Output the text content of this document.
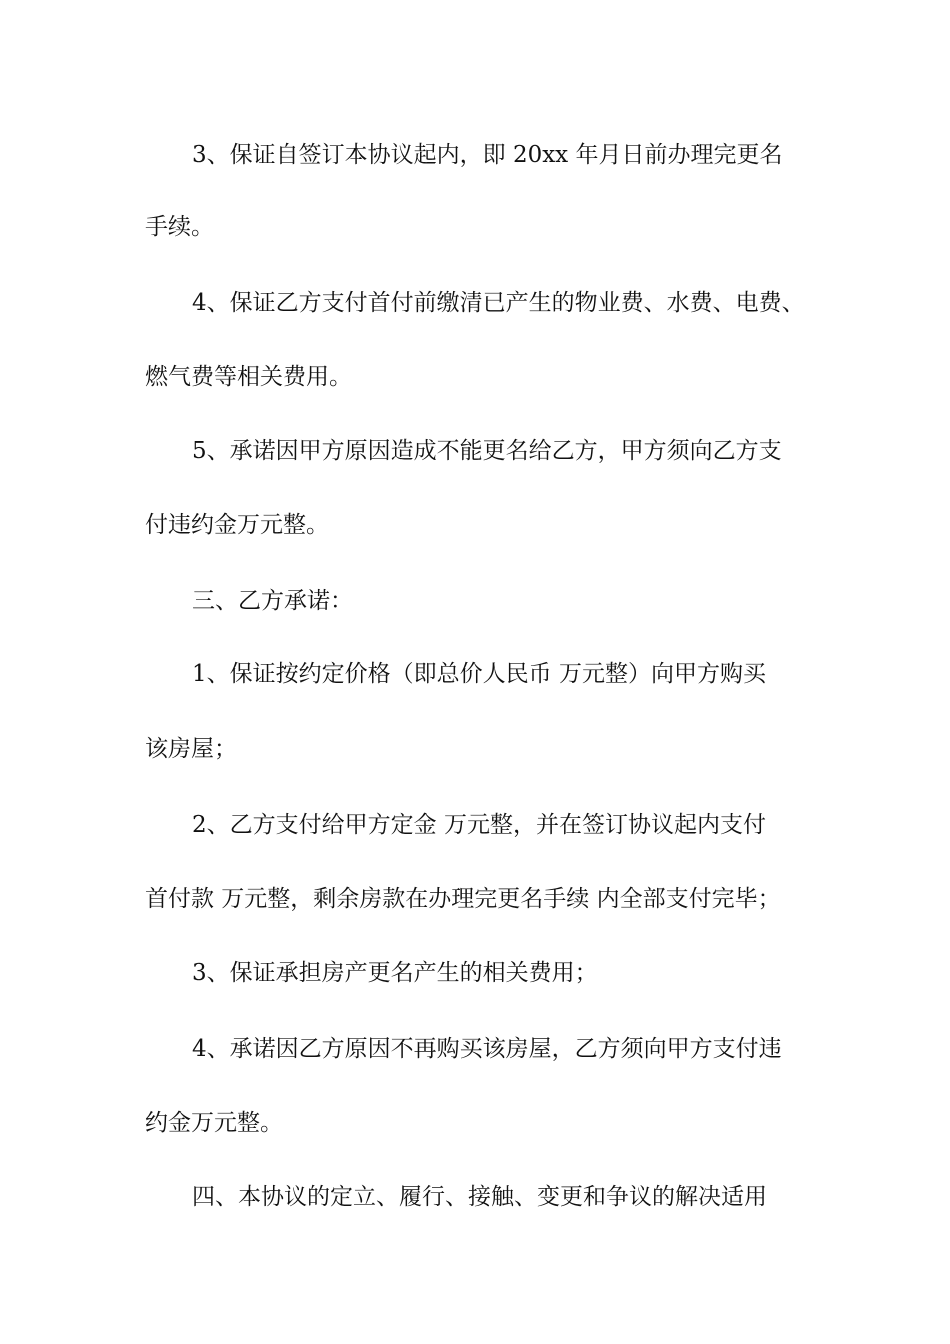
3、保证自签订本协议起内，即 20xx 年月日前办理完更名
手续。
4、保证乙方支付首付前缴清已产生的物业费、水费、电费、
燃气费等相关费用。
5、承诺因甲方原因造成不能更名给乙方，甲方须向乙方支
付违约金万元整。
三、乙方承诺：
1、保证按约定价格（即总价人民币 万元整）向甲方购买
该房屋；
2、乙方支付给甲方定金 万元整，并在签订协议起内支付
首付款 万元整，剩余房款在办理完更名手续 内全部支付完毕；
3、保证承担房产更名产生的相关费用；
4、承诺因乙方原因不再购买该房屋，乙方须向甲方支付违
约金万元整。
四、本协议的定立、履行、接触、变更和争议的解决适用
